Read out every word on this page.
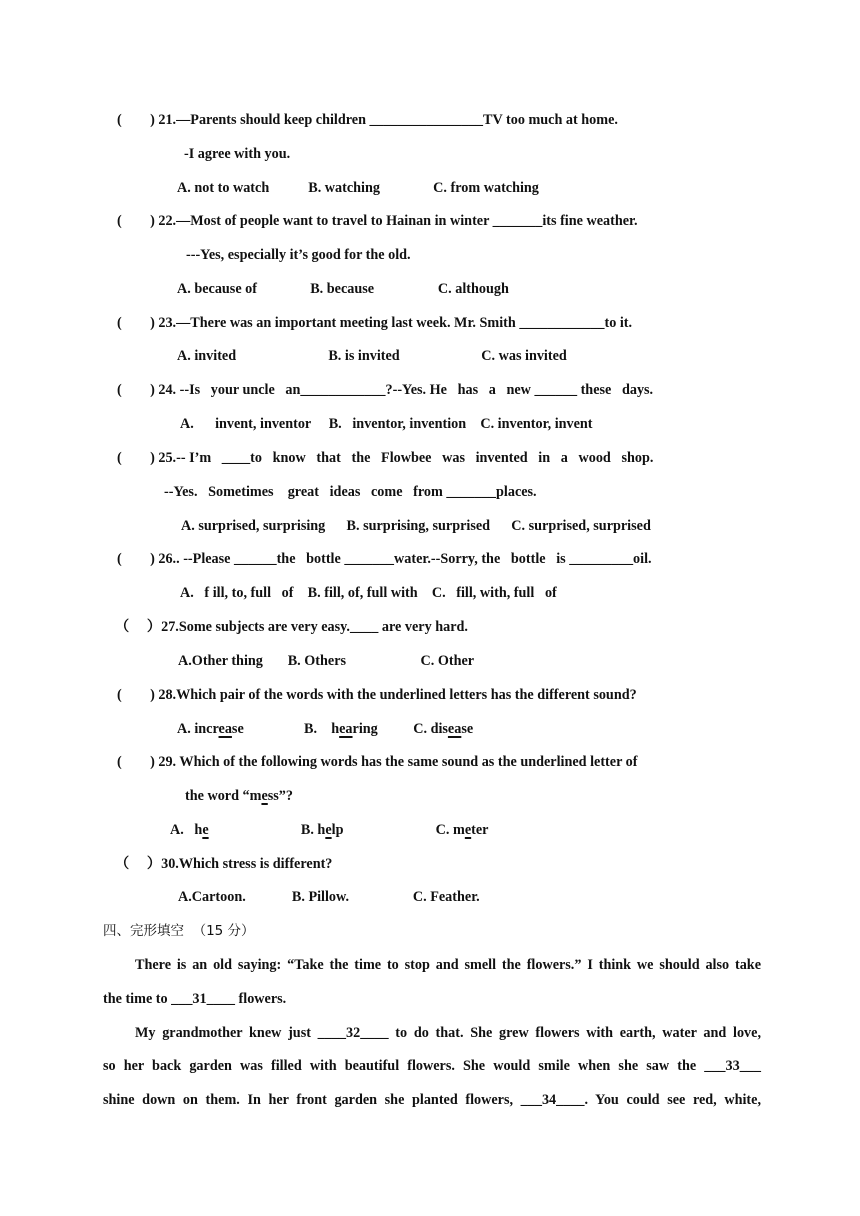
(        ) 21.—Parents should keep children ________________TV too much at home.
-I agree with you.
A. not to watch           B. watching               C. from watching
(        ) 22.—Most of people want to travel to Hainan in winter _______its fine weather.
---Yes, especially it’s good for the old.
A. because of               B. because                  C. although
(        ) 23.—There was an important meeting last week. Mr. Smith ____________to it.
A. invited                          B. is invited                       C. was invited
(        ) 24. --Is   your uncle   an____________?--Yes. He   has   a   new ______ these   days.
A.      invent, inventor     B.   inventor, invention    C. inventor, invent
(        ) 25.-- I’m   ____to   know   that   the   Flowbee   was   invented   in   a   wood   shop.
--Yes.   Sometimes    great   ideas   come   from _______places.
A. surprised, surprising      B. surprising, surprised      C. surprised, surprised
(        ) 26.. --Please ______the   bottle _______water.--Sorry, the   bottle   is _________oil.
A.   f ill, to, full   of    B. fill, of, full with    C.   fill, with, full   of
（     ）27.Some subjects are very easy.____ are very hard.
A.Other thing       B. Others                     C. Other
(        ) 28.Which pair of the words with the underlined letters has the different sound?
A. increase                 B.    hearing          C. disease
(        ) 29. Which of the following words has the same sound as the underlined letter of
the word “mess”?
A.   he                          B. help                          C. meter
（     ）30.Which stress is different?
A.Cartoon.             B. Pillow.                  C. Feather.
四、完形填空  （15 分）
There is an old saying: “Take the time to stop and smell the flowers.” I think we should also take
the time to ___31____ flowers.
My grandmother knew just ____32____ to do that. She grew flowers with earth, water and love,
so her back garden was filled with beautiful flowers. She would smile when she saw the ___33___
shine down on them. In her front garden she planted flowers, ___34____. You could see red, white,
